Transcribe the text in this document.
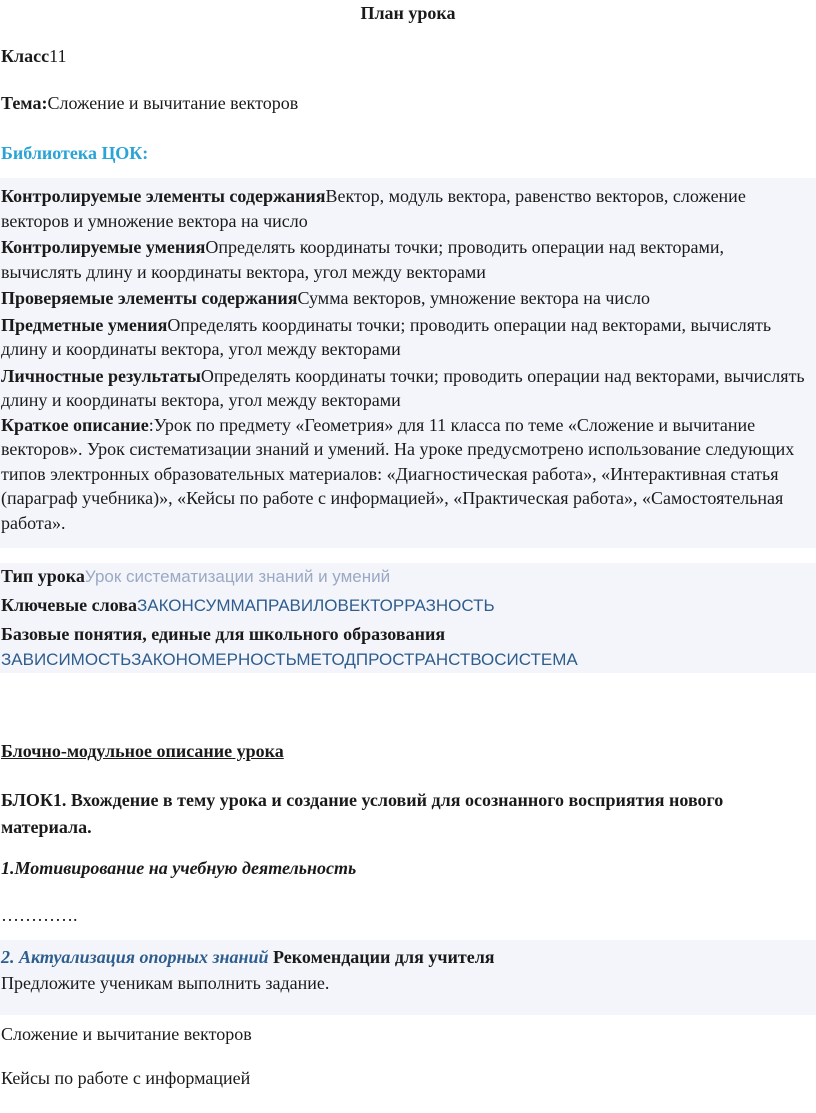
План урока
Класс11
Тема:Сложение и вычитание векторов
Библиотека ЦОК:
Контролируемые элементы содержанияВектор, модуль вектора, равенство векторов, сложение векторов и умножение вектора на число
Контролируемые уменияОпределять координаты точки; проводить операции над векторами, вычислять длину и координаты вектора, угол между векторами
Проверяемые элементы содержанияСумма векторов, умножение вектора на число
Предметные уменияОпределять координаты точки; проводить операции над векторами, вычислять длину и координаты вектора, угол между векторами
Личностные результатыОпределять координаты точки; проводить операции над векторами, вычислять длину и координаты вектора, угол между векторами
Краткое описание:Урок по предмету «Геометрия» для 11 класса по теме «Сложение и вычитание векторов». Урок систематизации знаний и умений. На уроке предусмотрено использование следующих типов электронных образовательных материалов: «Диагностическая работа», «Интерактивная статья (параграф учебника)», «Кейсы по работе с информацией», «Практическая работа», «Самостоятельная работа».
Тип урокаУрок систематизации знаний и умений
Ключевые словаЗАКОНСУММАПРАВИЛОВЕКТОРРАЗНОСТЬ
Базовые понятия, единые для школьного образования
ЗАВИСИМОСТЬЗАКОНОМЕРНОСТЬМЕТОДПРОСТРАНСТВОСИСТЕМА
Блочно-модульное описание урока
БЛОК1. Вхождение в тему урока и создание условий для осознанного восприятия нового материала.
1.Мотивирование на учебную деятельность
………….
2. Актуализация опорных знаний Рекомендации для учителя
Предложите ученикам выполнить задание.
Сложение и вычитание векторов
Кейсы по работе с информацией
